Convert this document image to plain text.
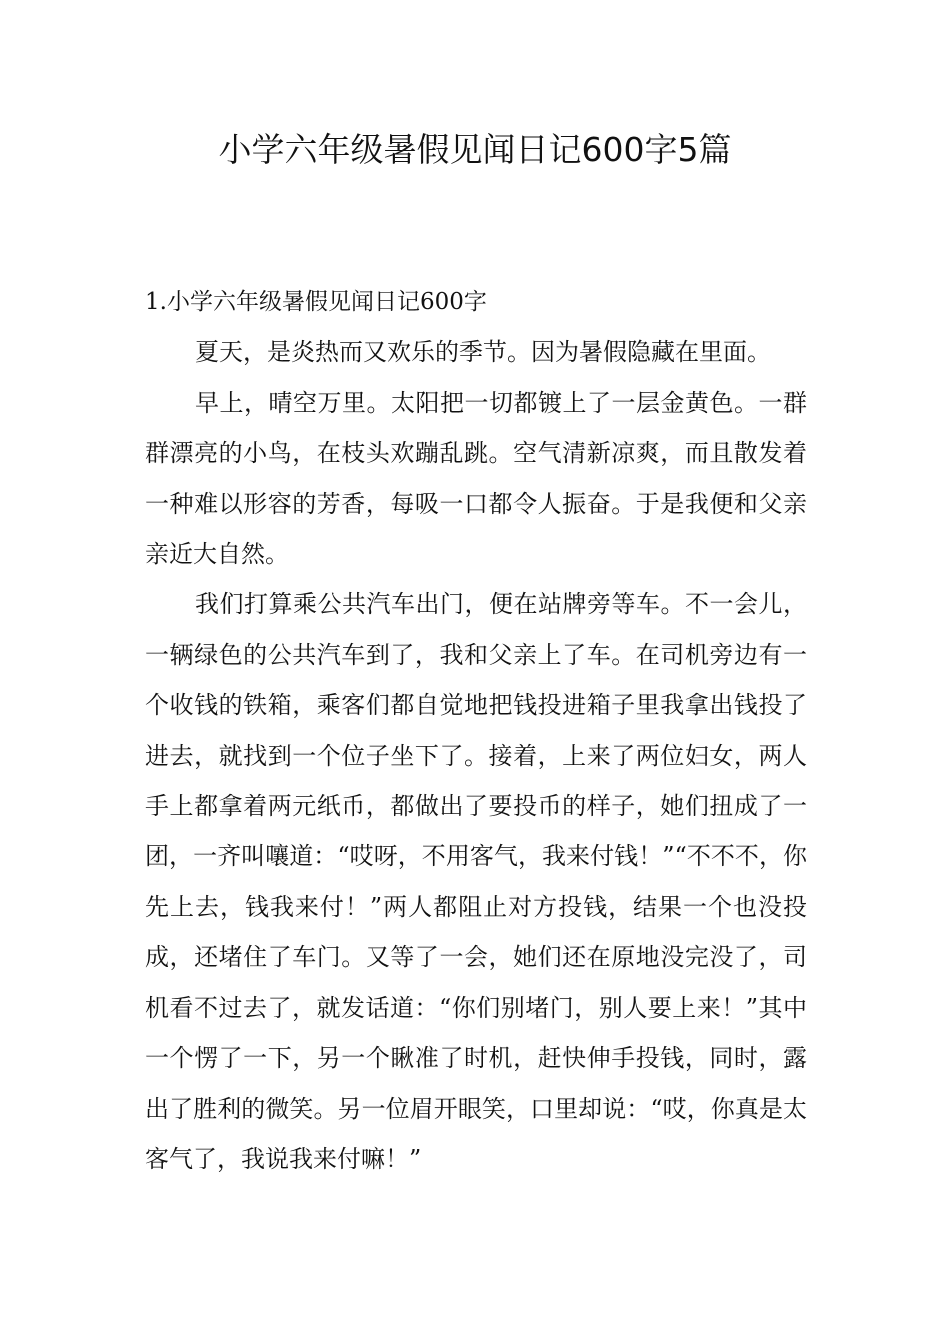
小学六年级暑假见闻日记600字5篇

1.小学六年级暑假见闻日记600字

夏天，是炎热而又欢乐的季节。因为暑假隐藏在里面。

早上，晴空万里。太阳把一切都镀上了一层金黄色。一群群漂亮的小鸟，在枝头欢蹦乱跳。空气清新凉爽，而且散发着一种难以形容的芳香，每吸一口都令人振奋。于是我便和父亲亲近大自然。

我们打算乘公共汽车出门，便在站牌旁等车。不一会儿，一辆绿色的公共汽车到了，我和父亲上了车。在司机旁边有一个收钱的铁箱，乘客们都自觉地把钱投进箱子里我拿出钱投了进去，就找到一个位子坐下了。接着，上来了两位妇女，两人手上都拿着两元纸币，都做出了要投币的样子，她们扭成了一团，一齐叫嚷道：“哎呀，不用客气，我来付钱！”“不不不，你先上去，钱我来付！”两人都阻止对方投钱，结果一个也没投成，还堵住了车门。又等了一会，她们还在原地没完没了，司机看不过去了，就发话道：“你们别堵门，别人要上来！”其中一个愣了一下，另一个瞅准了时机，赶快伸手投钱，同时，露出了胜利的微笑。另一位眉开眼笑，口里却说：“哎，你真是太客气了，我说我来付嘛！”
